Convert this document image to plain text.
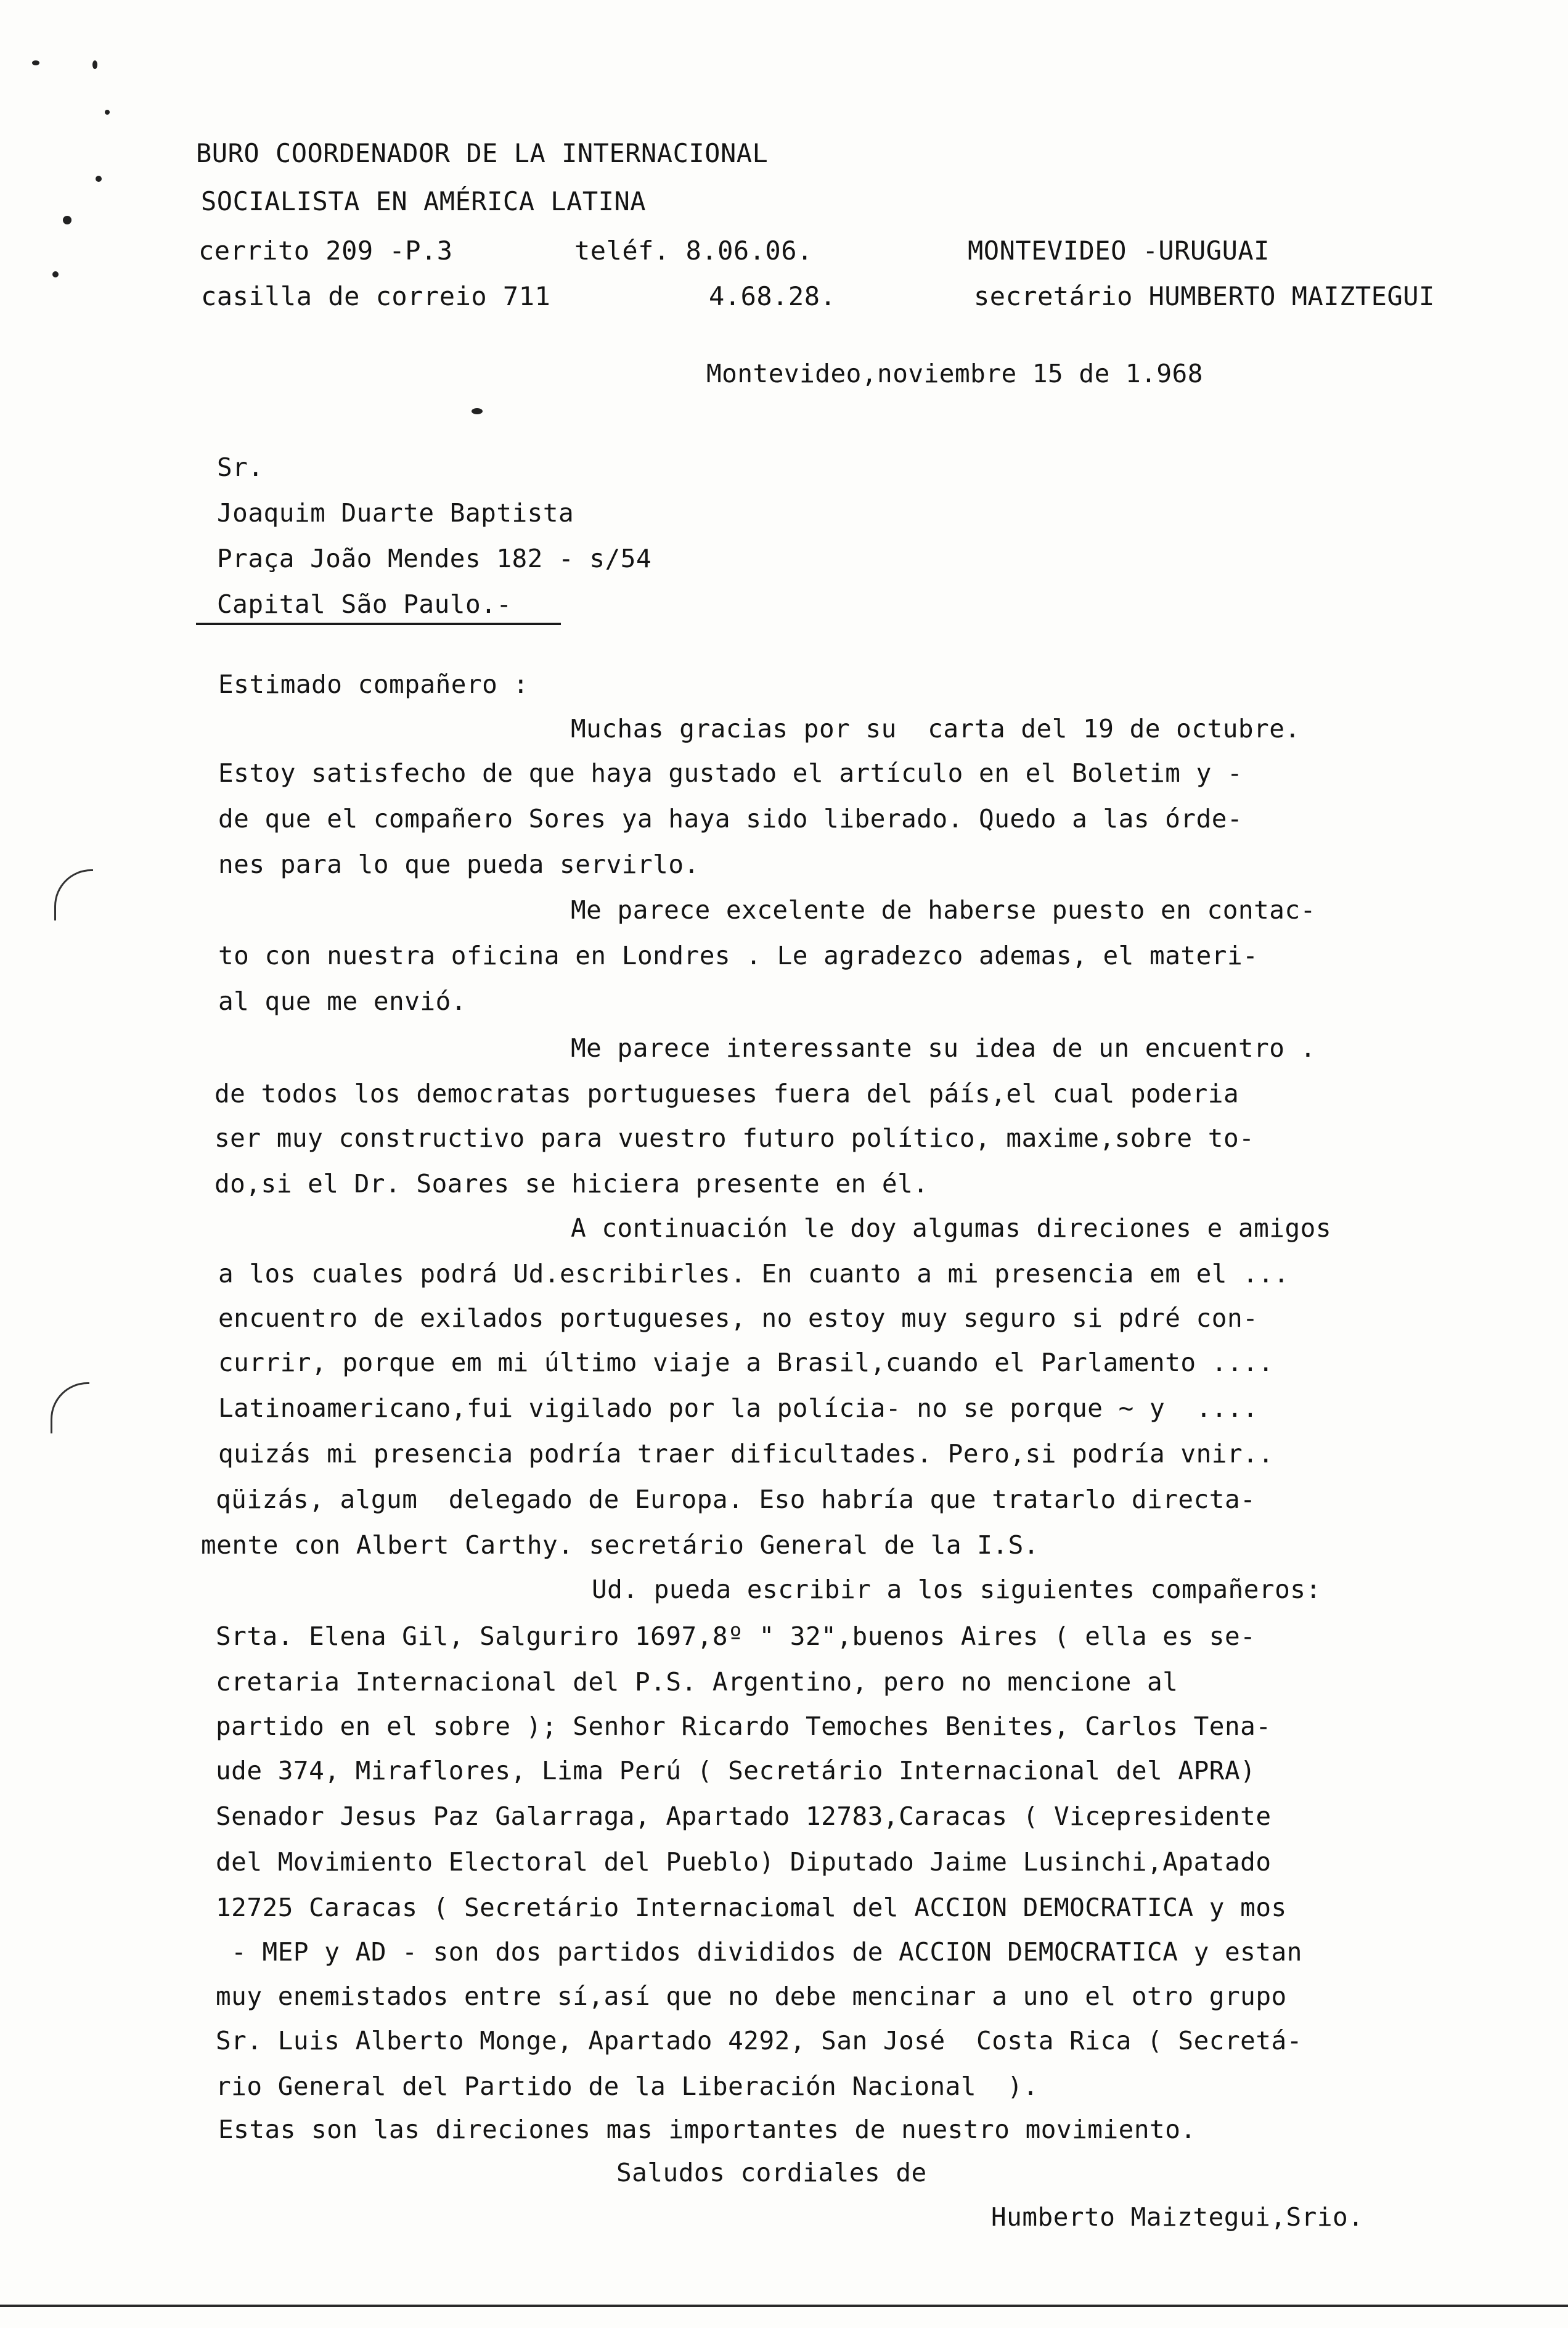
BURO COORDENADOR DE LA INTERNACIONAL
SOCIALISTA EN AMÉRICA LATINA
cerrito 209 -P.3	teléf. 8.06.06.	MONTEVIDEO -URUGUAI
casilla de correio 711	4.68.28.	secretário HUMBERTO MAIZTEGUI
Montevideo,noviembre 15 de 1.968
Sr.
Joaquim Duarte Baptista
Praça João Mendes 182 - s/54
Capital São Paulo.-
Estimado compañero :
Muchas gracias por su  carta del 19 de octubre.
Estoy satisfecho de que haya gustado el artículo en el Boletim y -
de que el compañero Sores ya haya sido liberado. Quedo a las órde-
nes para lo que pueda servirlo.
Me parece excelente de haberse puesto en contac-
to con nuestra oficina en Londres . Le agradezco ademas, el materi-
al que me envió.
Me parece interessante su idea de un encuentro .
de todos los democratas portugueses fuera del páís,el cual poderia
ser muy constructivo para vuestro futuro político, maxime,sobre to-
do,si el Dr. Soares se hiciera presente en él.
A continuación le doy algumas direciones e amigos
a los cuales podrá Ud.escribirles. En cuanto a mi presencia em el ...
encuentro de exilados portugueses, no estoy muy seguro si pdré con-
currir, porque em mi último viaje a Brasil,cuando el Parlamento ....
Latinoamericano,fui vigilado por la polícia- no se porque ~ y  ....
quizás mi presencia podría traer dificultades. Pero,si podría vnir..
qüizás, algum  delegado de Europa. Eso habría que tratarlo directa-
mente con Albert Carthy. secretário General de la I.S.
Ud. pueda escribir a los siguientes compañeros:
Srta. Elena Gil, Salguriro 1697,8º " 32",buenos Aires ( ella es se-
cretaria Internacional del P.S. Argentino, pero no mencione al
partido en el sobre ); Senhor Ricardo Temoches Benites, Carlos Tena-
ude 374, Miraflores, Lima Perú ( Secretário Internacional del APRA)
Senador Jesus Paz Galarraga, Apartado 12783,Caracas ( Vicepresidente
del Movimiento Electoral del Pueblo) Diputado Jaime Lusinchi,Apatado
12725 Caracas ( Secretário Internaciomal del ACCION DEMOCRATICA y mos
- MEP y AD - son dos partidos divididos de ACCION DEMOCRATICA y estan
muy enemistados entre sí,así que no debe mencinar a uno el otro grupo
Sr. Luis Alberto Monge, Apartado 4292, San José  Costa Rica ( Secretá-
rio General del Partido de la Liberación Nacional  ).
Estas son las direciones mas importantes de nuestro movimiento.
Saludos cordiales de
Humberto Maiztegui,Srio.
